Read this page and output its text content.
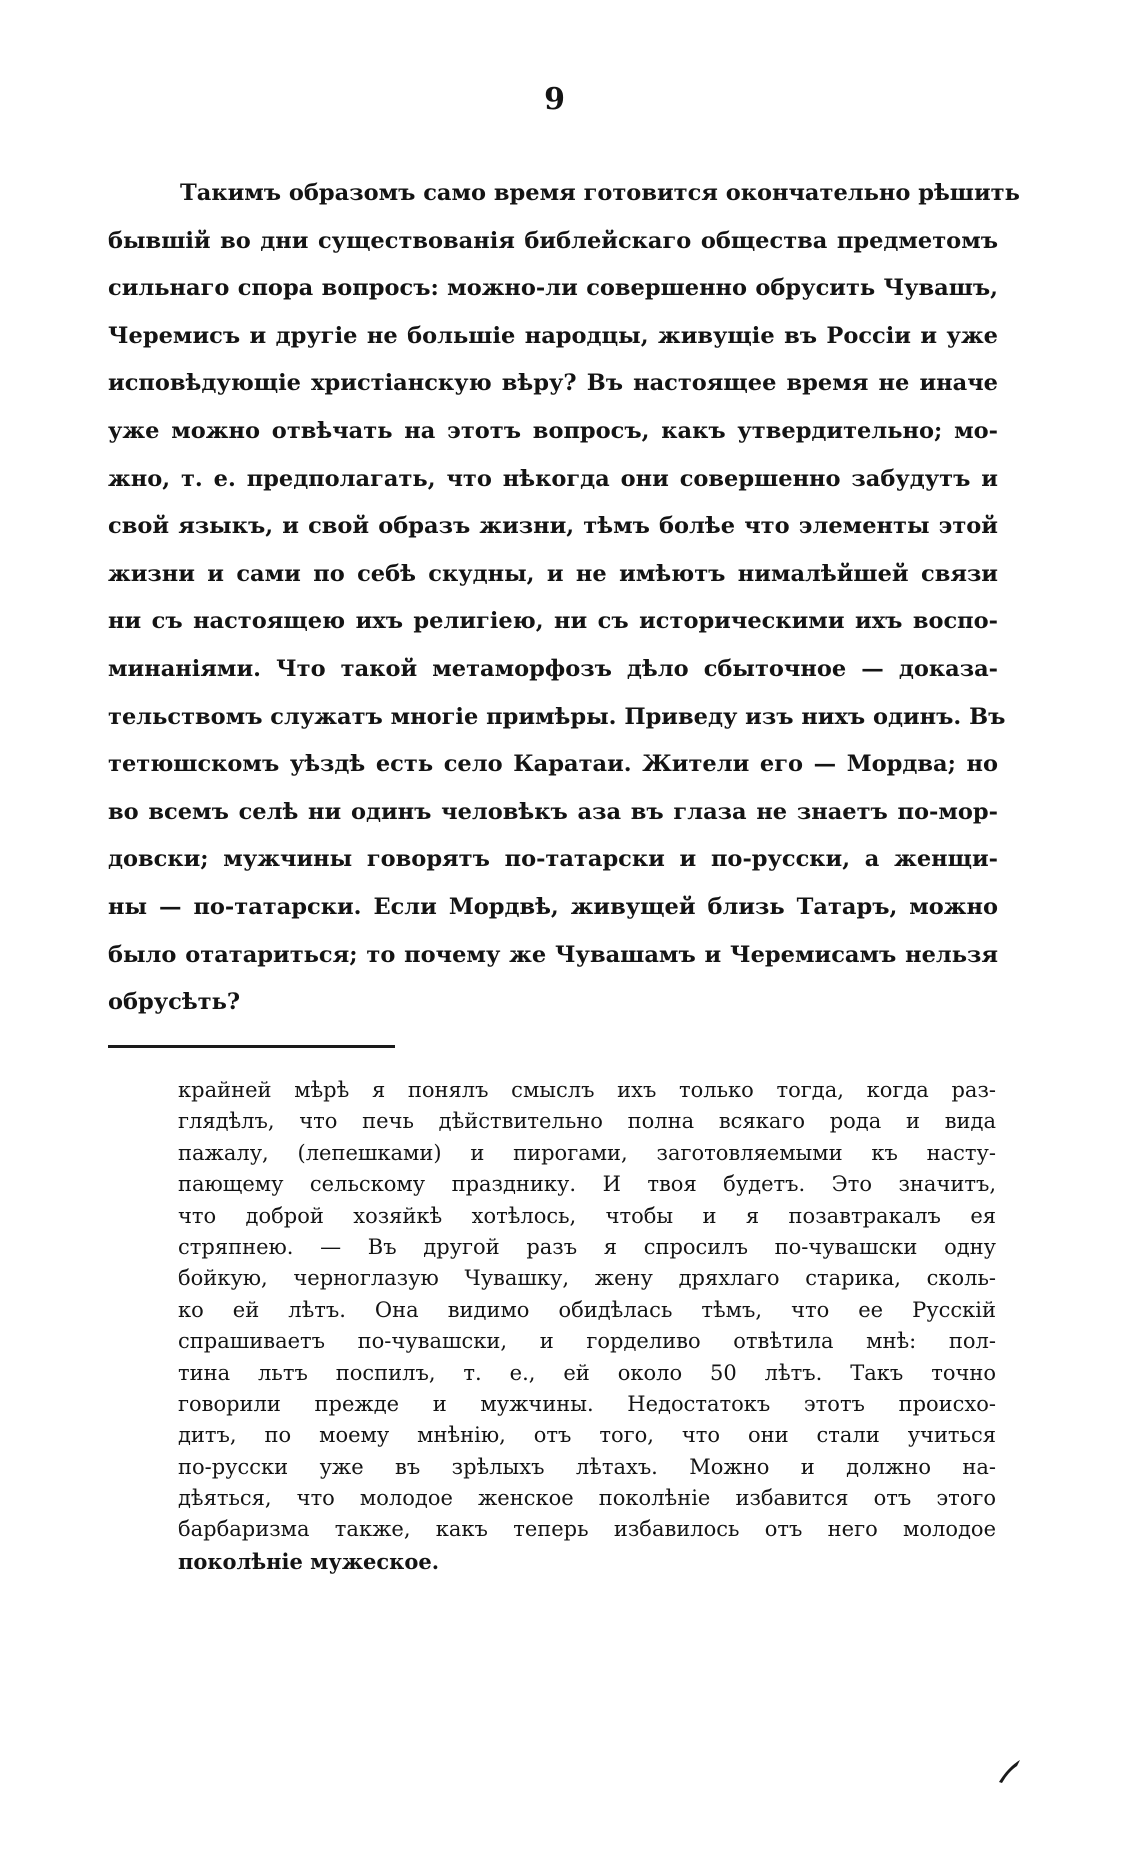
9
Такимъ образомъ само время готовится окончательно рѣшить
бывшій во дни существованія библейскаго общества предметомъ
сильнаго спора вопросъ: можно-ли совершенно обрусить Чувашъ,
Черемисъ и другіе не большіе народцы, живущіе въ Россіи и уже
исповѣдующіе христіанскую вѣру? Въ настоящее время не иначе
уже можно отвѣчать на этотъ вопросъ, какъ утвердительно; мо-
жно, т. е. предполагать, что нѣкогда они совершенно забудутъ и
свой языкъ, и свой образъ жизни, тѣмъ болѣе что элементы этой
жизни и сами по себѣ скудны, и не имѣютъ нималѣйшей связи
ни съ настоящею ихъ религіею, ни съ историческими ихъ воспо-
минаніями. Что такой метаморфозъ дѣло сбыточное — доказа-
тельствомъ служатъ многіе примѣры. Приведу изъ нихъ одинъ. Въ
тетюшскомъ уѣздѣ есть село Каратаи. Жители его — Мордва; но
во всемъ селѣ ни одинъ человѣкъ аза въ глаза не знаетъ по-мор-
довски; мужчины говорятъ по-татарски и по-русски, а женщи-
ны — по-татарски. Если Мордвѣ, живущей близь Татаръ, можно
было отатариться; то почему же Чувашамъ и Черемисамъ нельзя
обрусѣть?
крайней мѣрѣ я понялъ смыслъ ихъ только тогда, когда раз-
глядѣлъ, что печь дѣйствительно полна всякаго рода и вида
пажалу, (лепешками) и пирогами, заготовляемыми къ насту-
пающему сельскому празднику. И твоя будетъ. Это значитъ,
что доброй хозяйкѣ хотѣлось, чтобы и я позавтракалъ ея
стряпнею. — Въ другой разъ я спросилъ по-чувашски одну
бойкую, черноглазую Чувашку, жену дряхлаго старика, сколь-
ко ей лѣтъ. Она видимо обидѣлась тѣмъ, что ее Русскій
спрашиваетъ по-чувашски, и горделиво отвѣтила мнѣ: пол-
тина льтъ поспилъ, т. е., ей около 50 лѣтъ. Такъ точно
говорили прежде и мужчины. Недостатокъ этотъ происхо-
дитъ, по моему мнѣнію, отъ того, что они стали учиться
по-русски уже въ зрѣлыхъ лѣтахъ. Можно и должно на-
дѣяться, что молодое женское поколѣніе избавится отъ этого
барбаризма также, какъ теперь избавилось отъ него молодое
поколѣніе мужеское.
